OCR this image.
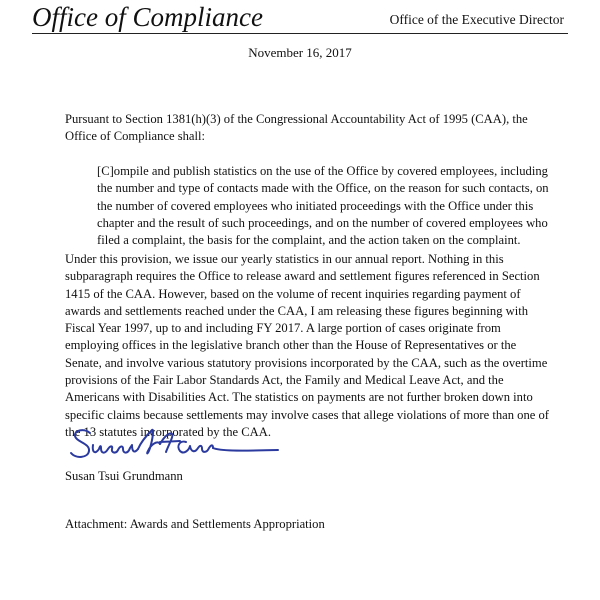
Office of Compliance	Office of the Executive Director
November 16, 2017

Pursuant to Section 1381(h)(3) of the Congressional Accountability Act of 1995 (CAA), the
Office of Compliance shall:

[C]ompile and publish statistics on the use of the Office by covered employees, including
the number and type of contacts made with the Office, on the reason for such contacts, on
the number of covered employees who initiated proceedings with the Office under this
chapter and the result of such proceedings, and on the number of covered employees who
filed a complaint, the basis for the complaint, and the action taken on the complaint.

Under this provision, we issue our yearly statistics in our annual report. Nothing in this
subparagraph requires the Office to release award and settlement figures referenced in Section
1415 of the CAA. However, based on the volume of recent inquiries regarding payment of
awards and settlements reached under the CAA, I am releasing these figures beginning with
Fiscal Year 1997, up to and including FY 2017. A large portion of cases originate from
employing offices in the legislative branch other than the House of Representatives or the
Senate, and involve various statutory provisions incorporated by the CAA, such as the overtime
provisions of the Fair Labor Standards Act, the Family and Medical Leave Act, and the
Americans with Disabilities Act. The statistics on payments are not further broken down into
specific claims because settlements may involve cases that allege violations of more than one of
the 13 statutes incorporated by the CAA.

Susan Tsui Grundmann
Attachment: Awards and Settlements Appropriation
